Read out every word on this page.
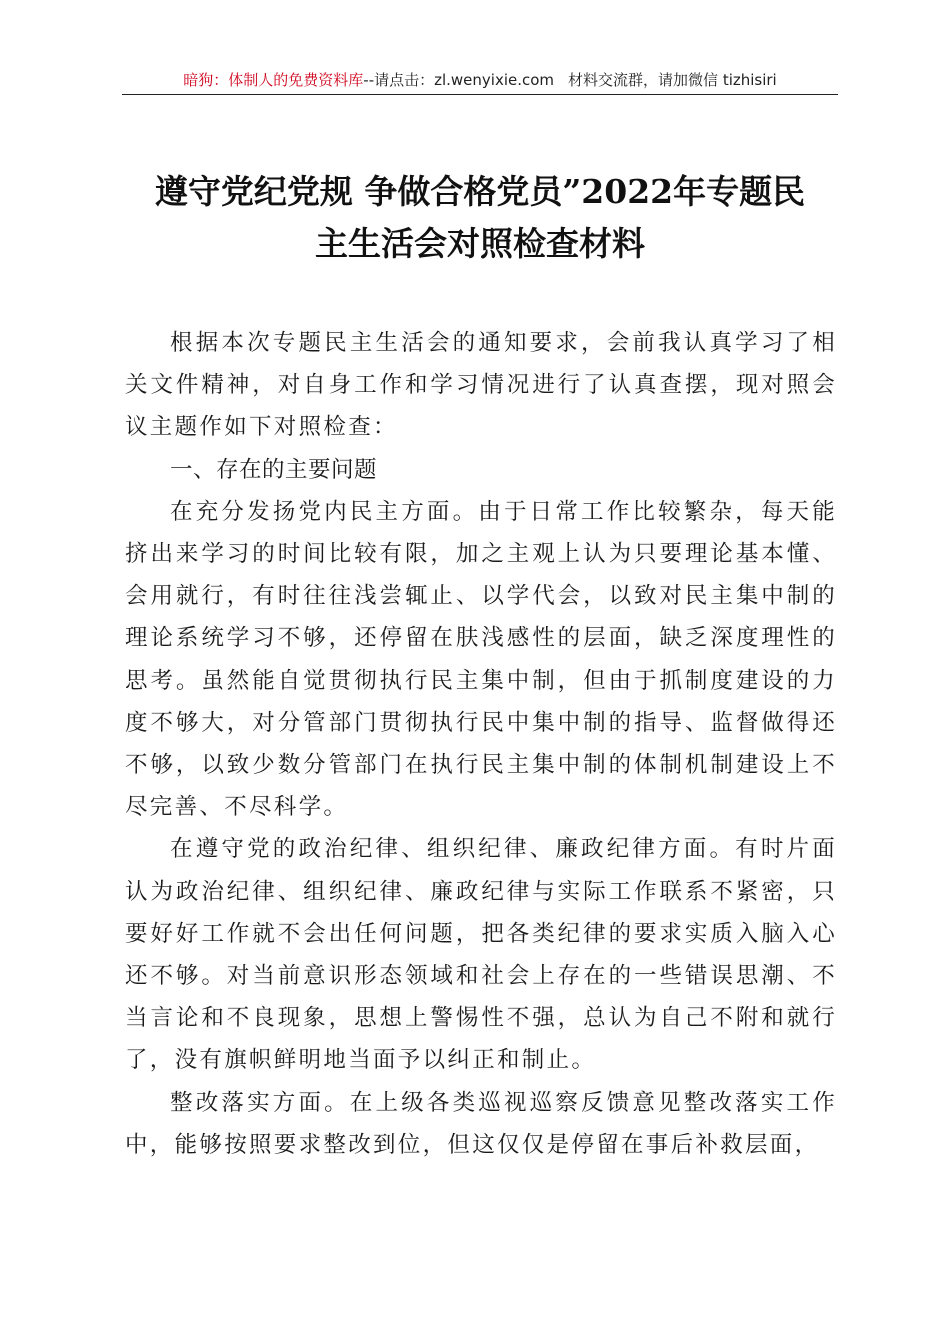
暗狗：体制人的免费资料库--请点击：zl.wenyixie.com 材料交流群，请加微信 tizhisiri
遵守党纪党规 争做合格党员”2022年专题民
主生活会对照检查材料

根据本次专题民主生活会的通知要求，会前我认真学习了相关文件精神，对自身工作和学习情况进行了认真查摆，现对照会议主题作如下对照检查：

一、存在的主要问题

在充分发扬党内民主方面。由于日常工作比较繁杂，每天能挤出来学习的时间比较有限，加之主观上认为只要理论基本懂、会用就行，有时往往浅尝辄止、以学代会，以致对民主集中制的理论系统学习不够，还停留在肤浅感性的层面，缺乏深度理性的思考。虽然能自觉贯彻执行民主集中制，但由于抓制度建设的力度不够大，对分管部门贯彻执行民中集中制的指导、监督做得还不够，以致少数分管部门在执行民主集中制的体制机制建设上不尽完善、不尽科学。

在遵守党的政治纪律、组织纪律、廉政纪律方面。有时片面认为政治纪律、组织纪律、廉政纪律与实际工作联系不紧密，只要好好工作就不会出任何问题，把各类纪律的要求实质入脑入心还不够。对当前意识形态领域和社会上存在的一些错误思潮、不当言论和不良现象，思想上警惕性不强，总认为自己不附和就行了，没有旗帜鲜明地当面予以纠正和制止。

整改落实方面。在上级各类巡视巡察反馈意见整改落实工作中，能够按照要求整改到位，但这仅仅是停留在事后补救层面，
